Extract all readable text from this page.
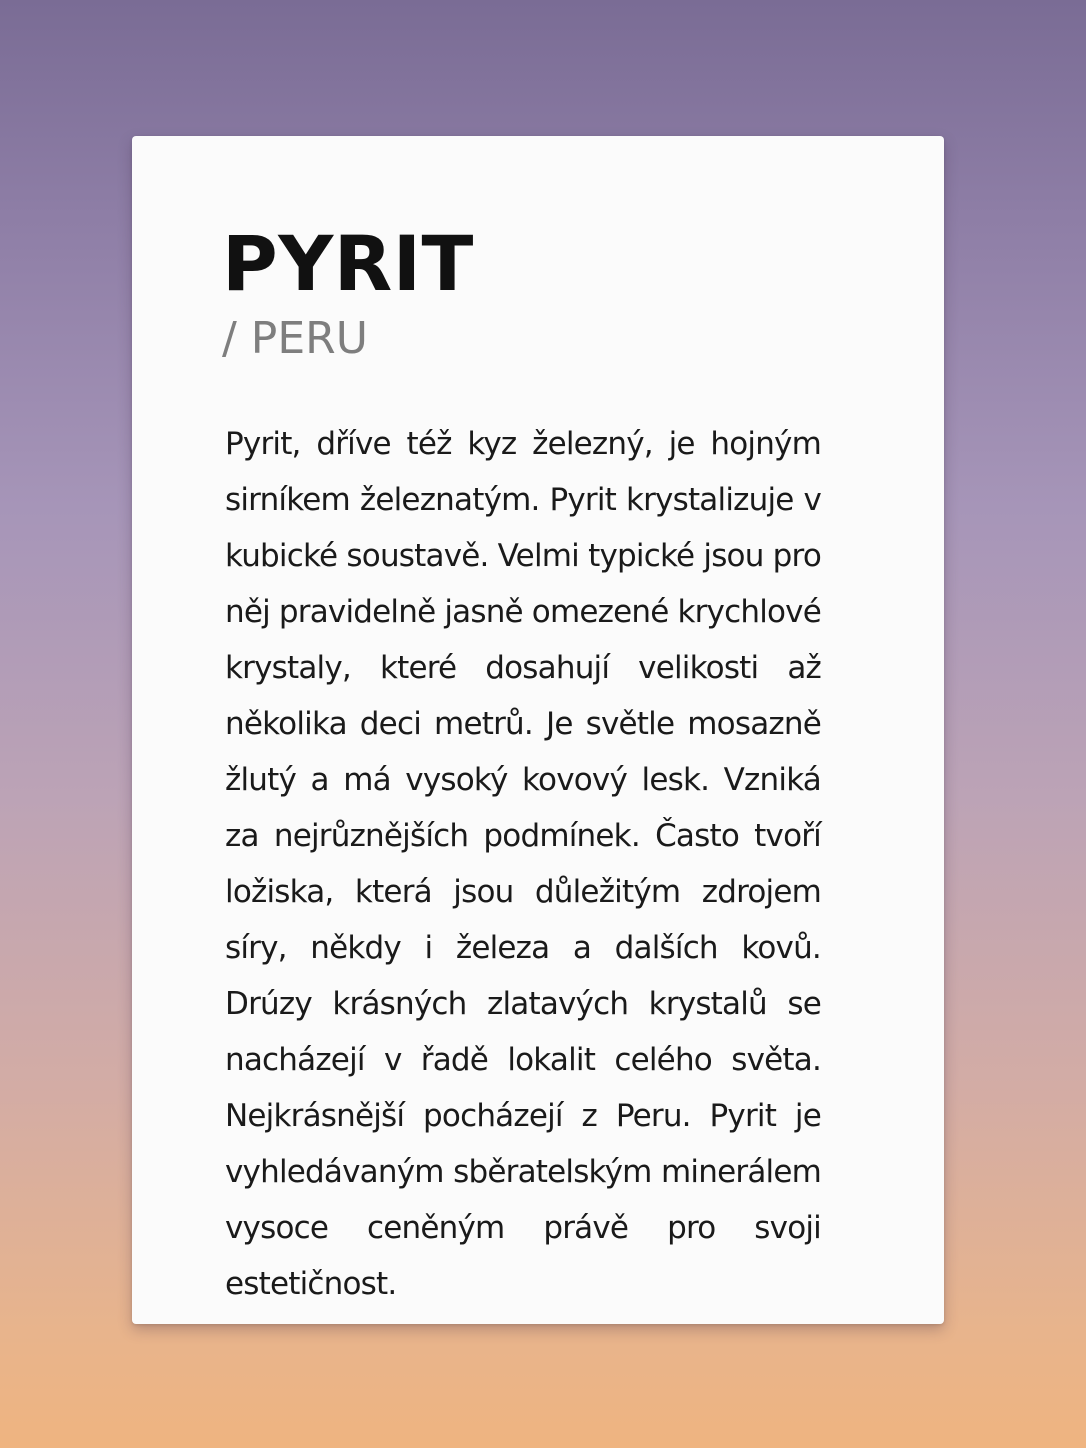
PYRIT
/ PERU

Pyrit, dříve též kyz železný, je hojným sirníkem železnatým. Pyrit krystalizuje v kubické soustavě. Velmi typické jsou pro něj pravidelně jasně omezené krychlové krystaly, které dosahují velikosti až několika deci metrů. Je světle mosazně žlutý a má vysoký kovový lesk. Vzniká za nejrůznějších podmínek. Často tvoří ložiska, která jsou důležitým zdrojem síry, někdy i železa a dalších kovů. Drúzy krásných zlatavých krystalů se nacházejí v řadě lokalit celého světa. Nejkrásnější pocházejí z Peru. Pyrit je vyhledávaným sběratelským minerálem vysoce ceněným právě pro svoji estetičnost.
